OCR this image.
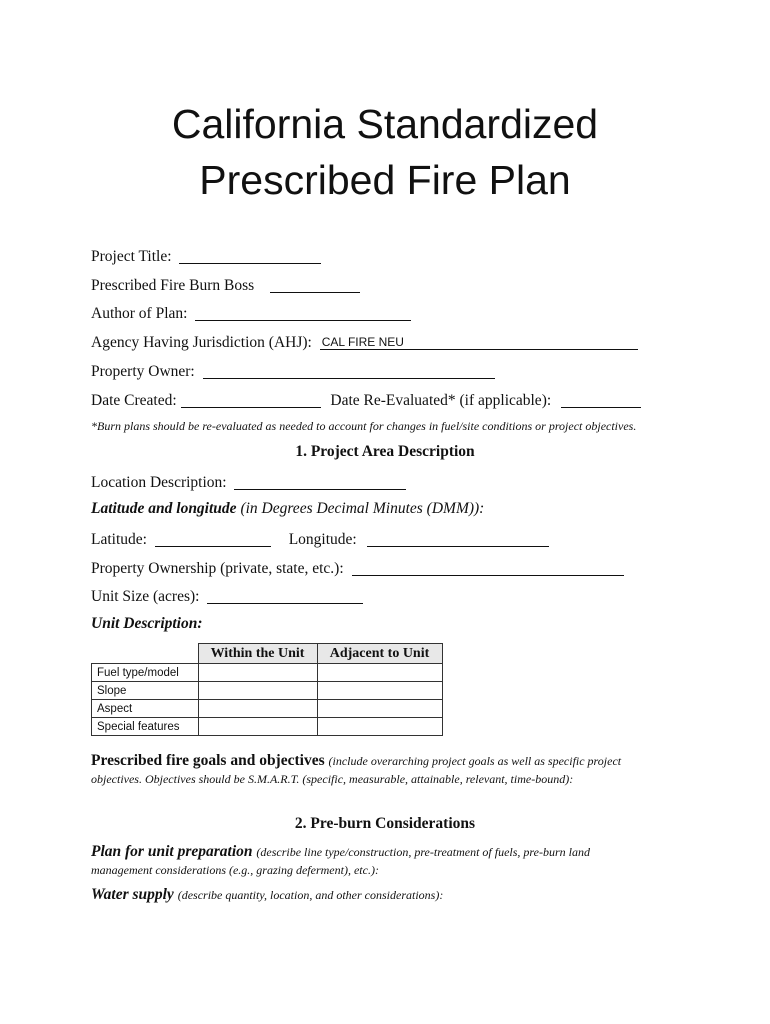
California Standardized
Prescribed Fire Plan
Project Title:
Prescribed Fire Burn Boss
Author of Plan:
Agency Having Jurisdiction (AHJ): CAL FIRE NEU
Property Owner:
Date Created:	Date Re-Evaluated* (if applicable):
*Burn plans should be re-evaluated as needed to account for changes in fuel/site conditions or project objectives.
1. Project Area Description
Location Description:
Latitude and longitude (in Degrees Decimal Minutes (DMM)):
Latitude:	Longitude:
Property Ownership (private, state, etc.):
Unit Size (acres):
Unit Description:
	Within the Unit	Adjacent to Unit
Fuel type/model		
Slope		
Aspect		
Special features		
Prescribed fire goals and objectives (include overarching project goals as well as specific project
objectives. Objectives should be S.M.A.R.T. (specific, measurable, attainable, relevant, time-bound):
2. Pre-burn Considerations
Plan for unit preparation (describe line type/construction, pre-treatment of fuels, pre-burn land
management considerations (e.g., grazing deferment), etc.):
Water supply (describe quantity, location, and other considerations):
